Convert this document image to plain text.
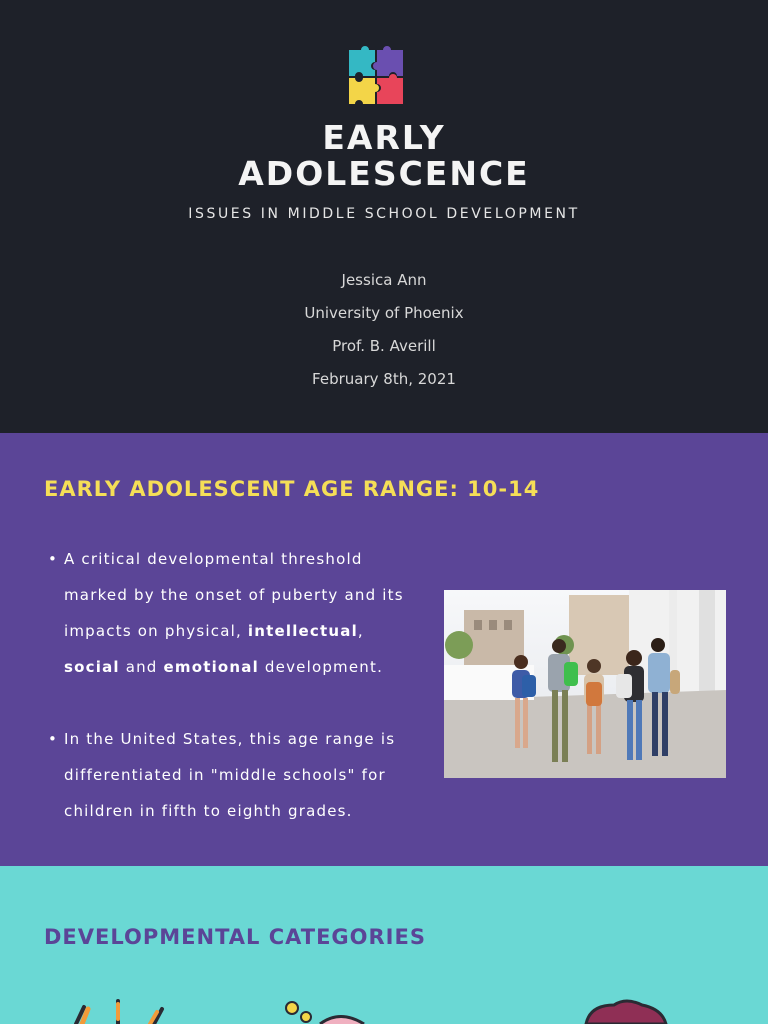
EARLY
ADOLESCENCE
ISSUES IN MIDDLE SCHOOL DEVELOPMENT
Jessica Ann
University of Phoenix
Prof. B. Averill
February 8th, 2021
EARLY ADOLESCENT AGE RANGE: 10-14
• A critical developmental threshold marked by the onset of puberty and its impacts on physical, intellectual, social and emotional development.
• In the United States, this age range is differentiated in "middle schools" for children in fifth to eighth grades.
DEVELOPMENTAL CATEGORIES
